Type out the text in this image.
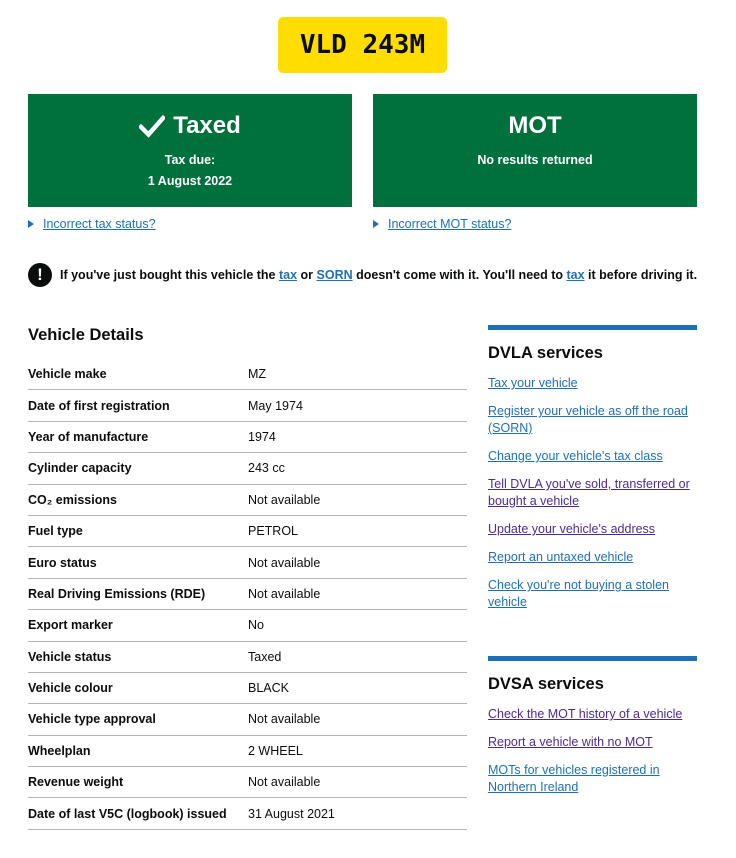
VLD 243M
Taxed
Tax due:
1 August 2022
MOT
No results returned
Incorrect tax status?	Incorrect MOT status?
!	If you've just bought this vehicle the tax or SORN doesn't come with it. You'll need to tax it before driving it.
Vehicle Details
Vehicle make	MZ
Date of first registration	May 1974
Year of manufacture	1974
Cylinder capacity	243 cc
CO₂ emissions	Not available
Fuel type	PETROL
Euro status	Not available
Real Driving Emissions (RDE)	Not available
Export marker	No
Vehicle status	Taxed
Vehicle colour	BLACK
Vehicle type approval	Not available
Wheelplan	2 WHEEL
Revenue weight	Not available
Date of last V5C (logbook) issued	31 August 2021
DVLA services
Tax your vehicle
Register your vehicle as off the road (SORN)
Change your vehicle's tax class
Tell DVLA you've sold, transferred or bought a vehicle
Update your vehicle's address
Report an untaxed vehicle
Check you're not buying a stolen vehicle
DVSA services
Check the MOT history of a vehicle
Report a vehicle with no MOT
MOTs for vehicles registered in Northern Ireland
